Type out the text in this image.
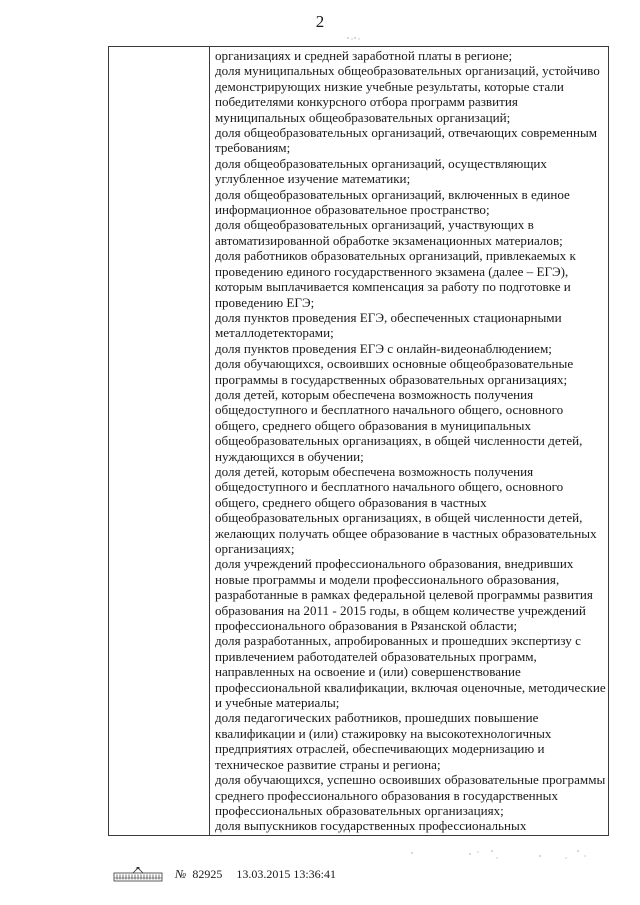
2

организациях и средней заработной платы в регионе;

доля муниципальных общеобразовательных организаций, устойчиво

демонстрирующих низкие учебные результаты, которые стали

победителями конкурсного отбора программ развития

муниципальных общеобразовательных организаций;

доля общеобразовательных организаций, отвечающих современным

требованиям;

доля общеобразовательных организаций, осуществляющих

углубленное изучение математики;

доля общеобразовательных организаций, включенных в единое

информационное образовательное пространство;

доля общеобразовательных организаций, участвующих в

автоматизированной обработке экзаменационных материалов;

доля работников образовательных организаций, привлекаемых к

проведению единого государственного экзамена (далее – ЕГЭ),

которым выплачивается компенсация за работу по подготовке и

проведению ЕГЭ;

доля пунктов проведения ЕГЭ, обеспеченных стационарными

металлодетекторами;

доля пунктов проведения ЕГЭ с онлайн-видеонаблюдением;

доля обучающихся, освоивших основные общеобразовательные

программы в государственных образовательных организациях;

доля детей, которым обеспечена возможность получения

общедоступного и бесплатного начального общего, основного

общего, среднего общего образования в муниципальных

общеобразовательных организациях, в общей численности детей,

нуждающихся в обучении;

доля детей, которым обеспечена возможность получения

общедоступного и бесплатного начального общего, основного

общего, среднего общего образования в частных

общеобразовательных организациях, в общей численности детей,

желающих получать общее образование в частных образовательных

организациях;

доля учреждений профессионального образования, внедривших

новые программы и модели профессионального образования,

разработанные в рамках федеральной целевой программы развития

образования на 2011 - 2015 годы, в общем количестве учреждений

профессионального образования в Рязанской области;

доля разработанных, апробированных и прошедших экспертизу с

привлечением работодателей образовательных программ,

направленных на освоение и (или) совершенствование

профессиональной квалификации, включая оценочные, методические

и учебные материалы;

доля педагогических работников, прошедших повышение

квалификации и (или) стажировку на высокотехнологичных

предприятиях отраслей, обеспечивающих модернизацию и

техническое развитие страны и региона;

доля обучающихся, успешно освоивших образовательные программы

среднего профессионального образования в государственных

профессиональных образовательных организациях;

доля выпускников государственных профессиональных

№ 82925 13.03.2015 13:36:41
